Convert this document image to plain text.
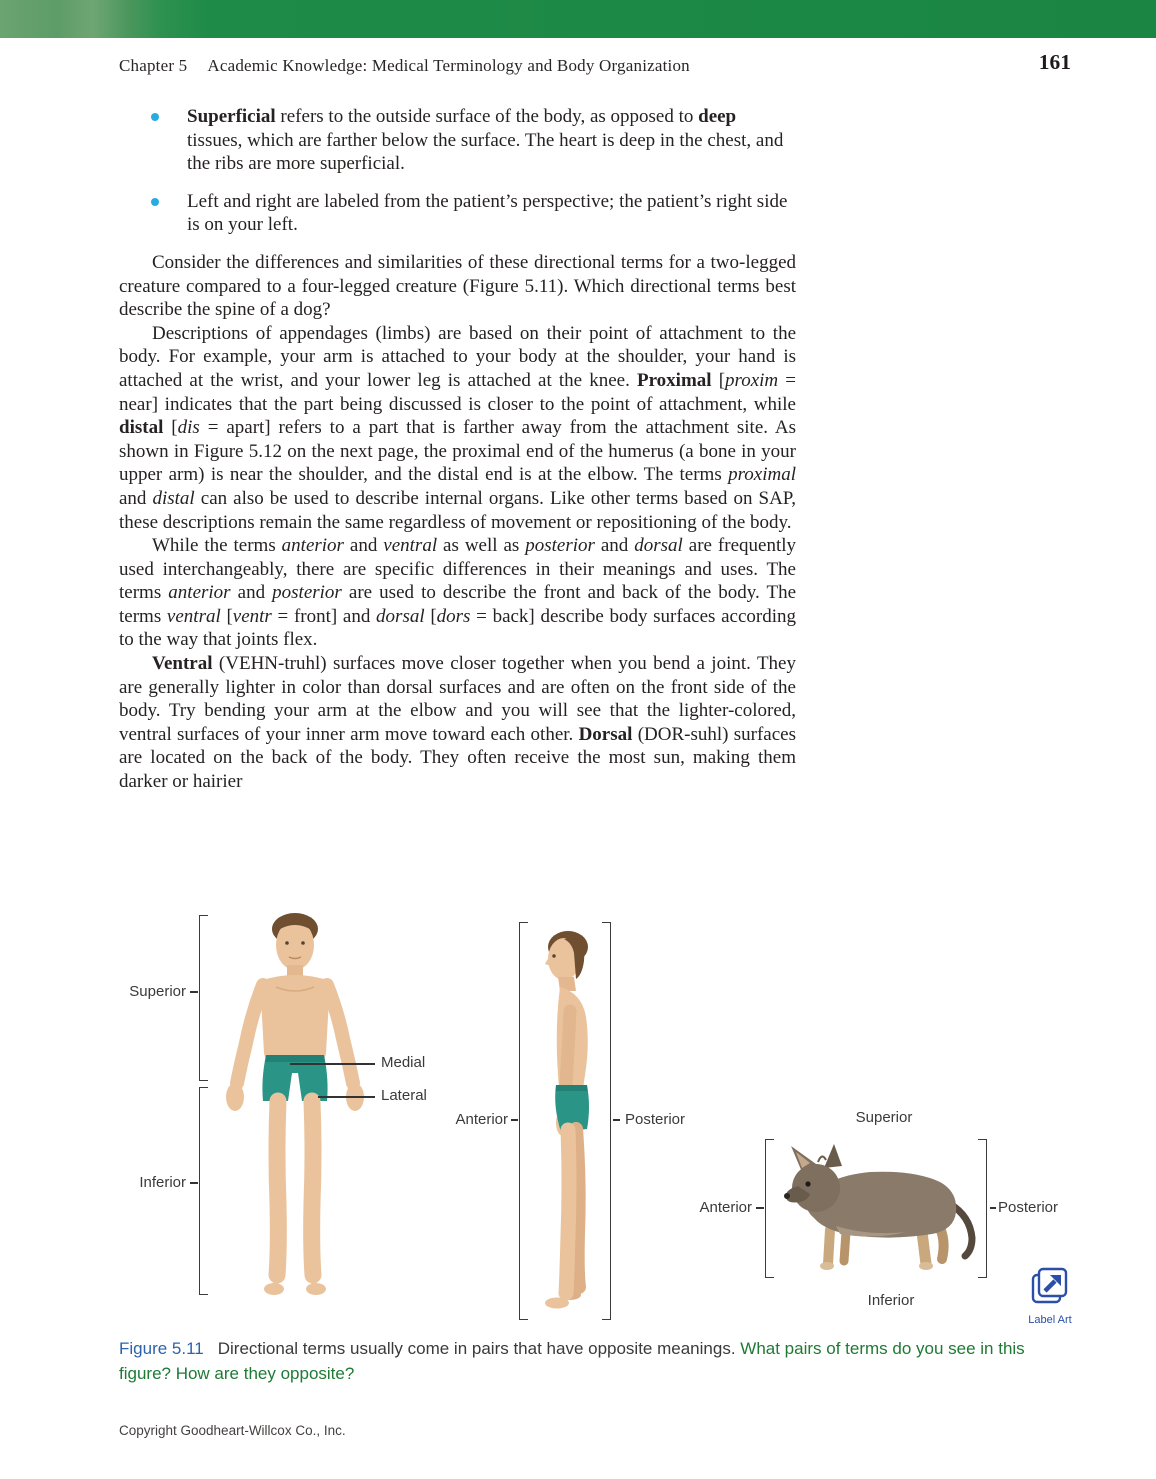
Chapter 5 Academic Knowledge: Medical Terminology and Body Organization	161
Superficial refers to the outside surface of the body, as opposed to deep tissues, which are farther below the surface. The heart is deep in the chest, and the ribs are more superficial.
Left and right are labeled from the patient’s perspective; the patient’s right side is on your left.

Consider the differences and similarities of these directional terms for a two-legged creature compared to a four-legged creature (Figure 5.11). Which directional terms best describe the spine of a dog?

Descriptions of appendages (limbs) are based on their point of attachment to the body. For example, your arm is attached to your body at the shoulder, your hand is attached at the wrist, and your lower leg is attached at the knee. Proximal [proxim = near] indicates that the part being discussed is closer to the point of attachment, while distal [dis = apart] refers to a part that is farther away from the attachment site. As shown in Figure 5.12 on the next page, the proximal end of the humerus (a bone in your upper arm) is near the shoulder, and the distal end is at the elbow. The terms proximal and distal can also be used to describe internal organs. Like other terms based on SAP, these descriptions remain the same regardless of movement or repositioning of the body.

While the terms anterior and ventral as well as posterior and dorsal are frequently used interchangeably, there are specific differences in their meanings and uses. The terms anterior and posterior are used to describe the front and back of the body. The terms ventral [ventr = front] and dorsal [dors = back] describe body surfaces according to the way that joints flex.

Ventral (VEHN-truhl) surfaces move closer together when you bend a joint. They are generally lighter in color than dorsal surfaces and are often on the front side of the body. Try bending your arm at the elbow and you will see that the lighter-colored, ventral surfaces of your inner arm move toward each other. Dorsal (DOR-suhl) surfaces are located on the back of the body. They often receive the most sun, making them darker or hairier

Superior
Inferior
Medial
Lateral
Anterior	Posterior	Superior
Anterior	Posterior
Inferior
Label Art
Figure 5.11 Directional terms usually come in pairs that have opposite meanings. What pairs of terms do you see in this figure? How are they opposite?
Copyright Goodheart-Willcox Co., Inc.
